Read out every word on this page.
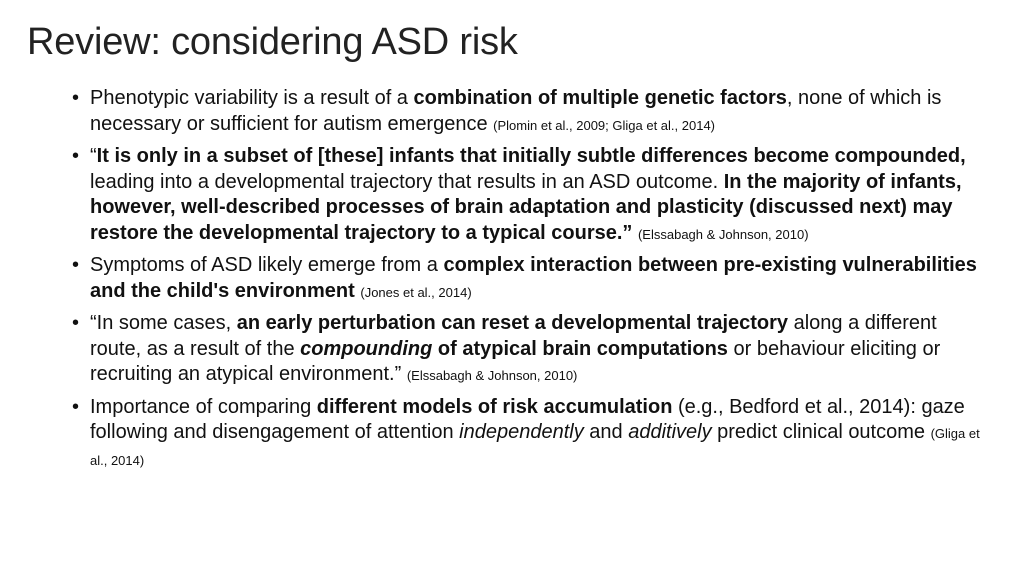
Review: considering ASD risk
• Phenotypic variability is a result of a combination of multiple genetic factors, none of which is necessary or sufficient for autism emergence (Plomin et al., 2009; Gliga et al., 2014)
• “It is only in a subset of [these] infants that initially subtle differences become compounded, leading into a developmental trajectory that results in an ASD outcome. In the majority of infants, however, well-described processes of brain adaptation and plasticity (discussed next) may restore the developmental trajectory to a typical course.” (Elssabagh & Johnson, 2010)
• Symptoms of ASD likely emerge from a complex interaction between pre-existing vulnerabilities and the child's environment (Jones et al., 2014)
• “In some cases, an early perturbation can reset a developmental trajectory along a different route, as a result of the compounding of atypical brain computations or behaviour eliciting or recruiting an atypical environment.” (Elssabagh & Johnson, 2010)
• Importance of comparing different models of risk accumulation (e.g., Bedford et al., 2014): gaze following and disengagement of attention independently and additively predict clinical outcome (Gliga et al., 2014)
